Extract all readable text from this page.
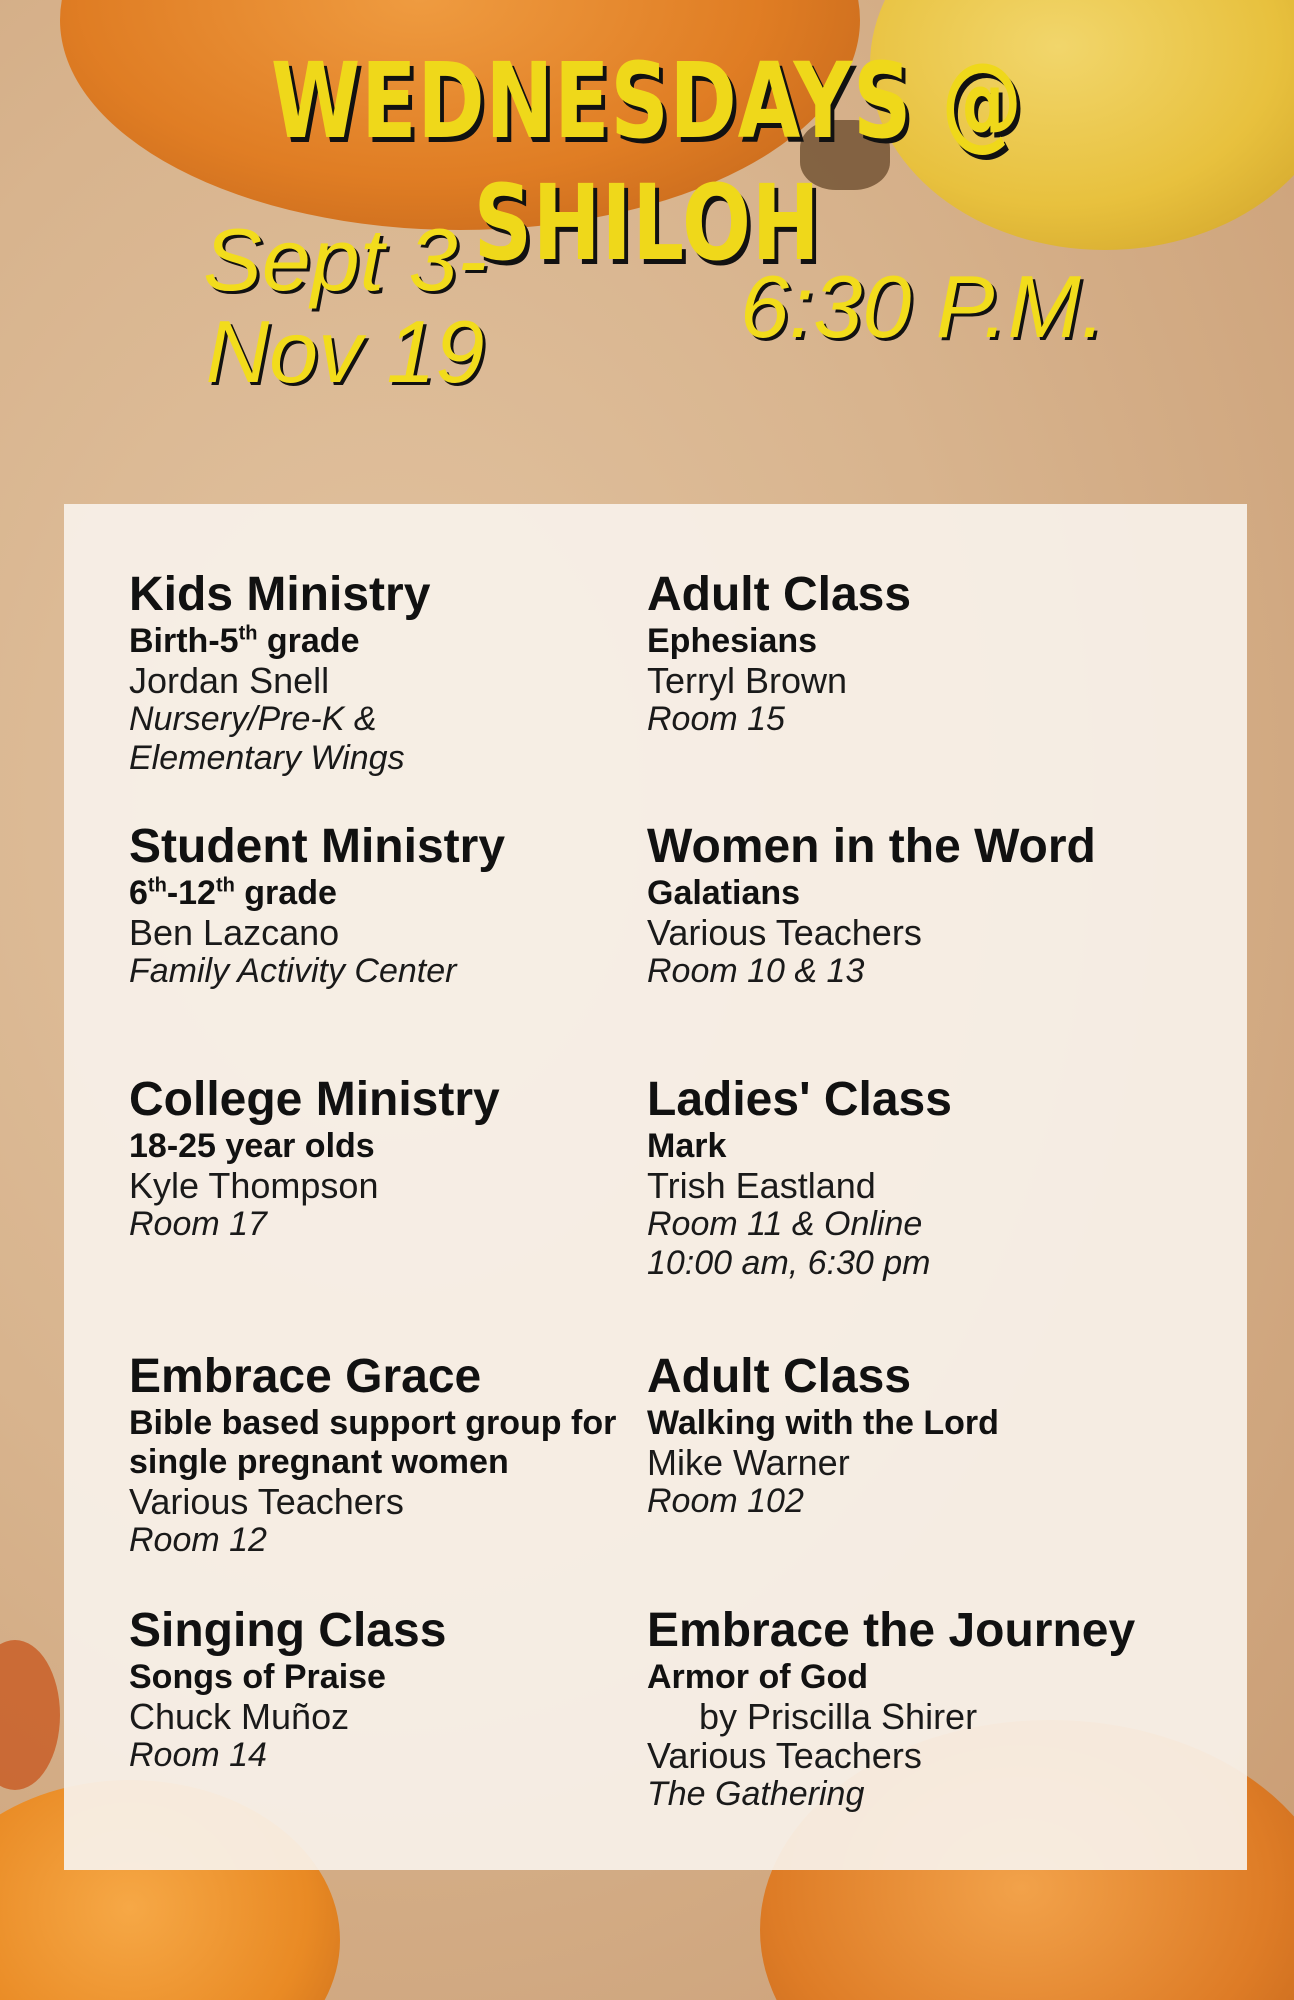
WEDNESDAYS @ SHILOH
Sept 3- Nov 19	6:30 P.M.
Kids Ministry
Birth-5th grade
Jordan Snell
Nursery/Pre-K & Elementary Wings
Student Ministry
6th-12th grade
Ben Lazcano
Family Activity Center
College Ministry
18-25 year olds
Kyle Thompson
Room 17
Embrace Grace
Bible based support group for single pregnant women
Various Teachers
Room 12
Singing Class
Songs of Praise
Chuck Muñoz
Room 14
Adult Class
Ephesians
Terryl Brown
Room 15
Women in the Word
Galatians
Various Teachers
Room 10 & 13
Ladies' Class
Mark
Trish Eastland
Room 11 & Online
10:00 am, 6:30 pm
Adult Class
Walking with the Lord
Mike Warner
Room 102
Embrace the Journey
Armor of God
by Priscilla Shirer
Various Teachers
The Gathering
